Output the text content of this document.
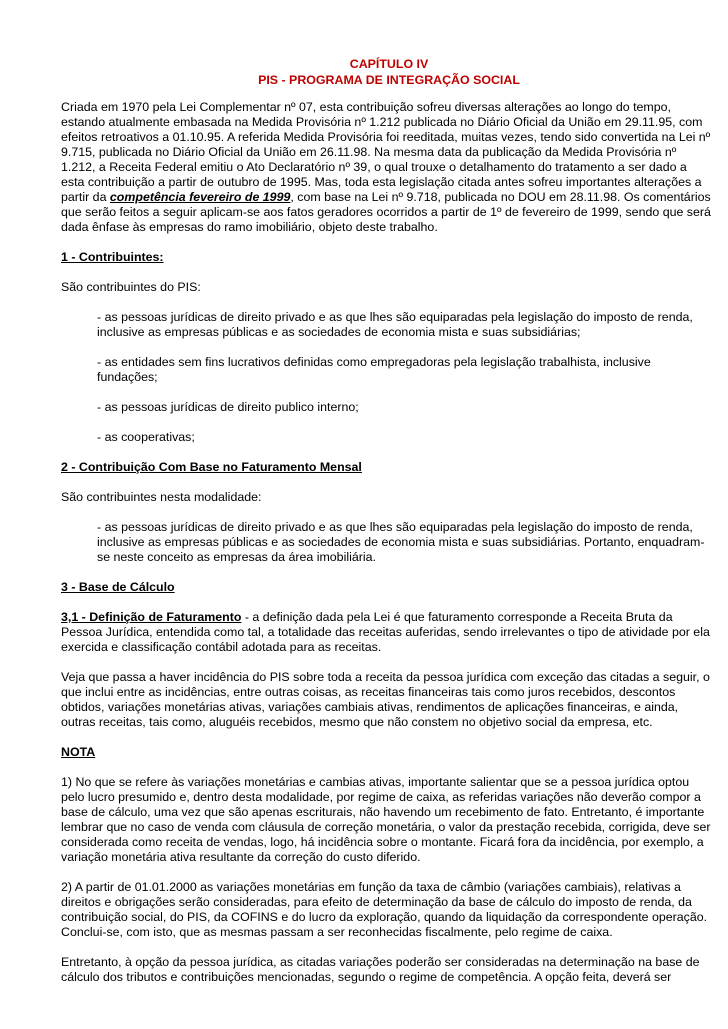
CAPÍTULO IV
PIS - PROGRAMA DE INTEGRAÇÃO SOCIAL

Criada em 1970 pela Lei Complementar nº 07, esta contribuição sofreu diversas alterações ao longo do tempo, estando atualmente embasada na Medida Provisória nº 1.212 publicada no Diário Oficial da União em 29.11.95, com efeitos retroativos a 01.10.95. A referida Medida Provisória foi reeditada, muitas vezes, tendo sido convertida na Lei nº 9.715, publicada no Diário Oficial da União em 26.11.98. Na mesma data da publicação da Medida Provisória nº 1.212, a Receita Federal emitiu o Ato Declaratório nº 39, o qual trouxe o detalhamento do tratamento a ser dado a esta contribuição a partir de outubro de 1995. Mas, toda esta legislação citada antes sofreu importantes alterações a partir da competência fevereiro de 1999, com base na Lei nº 9.718, publicada no DOU em 28.11.98. Os comentários que serão feitos a seguir aplicam-se aos fatos geradores ocorridos a partir de 1º de fevereiro de 1999, sendo que será dada ênfase às empresas do ramo imobiliário, objeto deste trabalho.

1 - Contribuintes:

São contribuintes do PIS:

- as pessoas jurídicas de direito privado e as que lhes são equiparadas pela legislação do imposto de renda, inclusive as empresas públicas e as sociedades de economia mista e suas subsidiárias;

- as entidades sem fins lucrativos definidas como empregadoras pela legislação trabalhista, inclusive fundações;

- as pessoas jurídicas de direito publico interno;

- as cooperativas;

2 - Contribuição Com Base no Faturamento Mensal

São contribuintes nesta modalidade:

- as pessoas jurídicas de direito privado e as que lhes são equiparadas pela legislação do imposto de renda, inclusive as empresas públicas e as sociedades de economia mista e suas subsidiárias. Portanto, enquadram-se neste conceito as empresas da área imobiliária.

3 - Base de Cálculo

3,1 - Definição de Faturamento - a definição dada pela Lei é que faturamento corresponde a Receita Bruta da Pessoa Jurídica, entendida como tal, a totalidade das receitas auferidas, sendo irrelevantes o tipo de atividade por ela exercida e classificação contábil adotada para as receitas.

Veja que passa a haver incidência do PIS sobre toda a receita da pessoa jurídica com exceção das citadas a seguir, o que inclui entre as incidências, entre outras coisas, as receitas financeiras tais como juros recebidos, descontos obtidos, variações monetárias ativas, variações cambiais ativas, rendimentos de aplicações financeiras, e ainda, outras receitas, tais como, aluguéis recebidos, mesmo que não constem no objetivo social da empresa, etc.

NOTA

1) No que se refere às variações monetárias e cambias ativas, importante salientar que se a pessoa jurídica optou pelo lucro presumido e, dentro desta modalidade, por regime de caixa, as referidas variações não deverão compor a base de cálculo, uma vez que são apenas escriturais, não havendo um recebimento de fato. Entretanto, é importante lembrar que no caso de venda com cláusula de correção monetária, o valor da prestação recebida, corrigida, deve ser considerada como receita de vendas, logo, há incidência sobre o montante. Ficará fora da incidência, por exemplo, a variação monetária ativa resultante da correção do custo diferido.

2) A partir de 01.01.2000 as variações monetárias em função da taxa de câmbio (variações cambiais), relativas a direitos e obrigações serão consideradas, para efeito de determinação da base de cálculo do imposto de renda, da contribuição social, do PIS, da COFINS e do lucro da exploração, quando da liquidação da correspondente operação. Conclui-se, com isto, que as mesmas passam a ser reconhecidas fiscalmente, pelo regime de caixa.

Entretanto, à opção da pessoa jurídica, as citadas variações poderão ser consideradas na determinação na base de cálculo dos tributos e contribuições mencionadas, segundo o regime de competência. A opção feita, deverá ser
